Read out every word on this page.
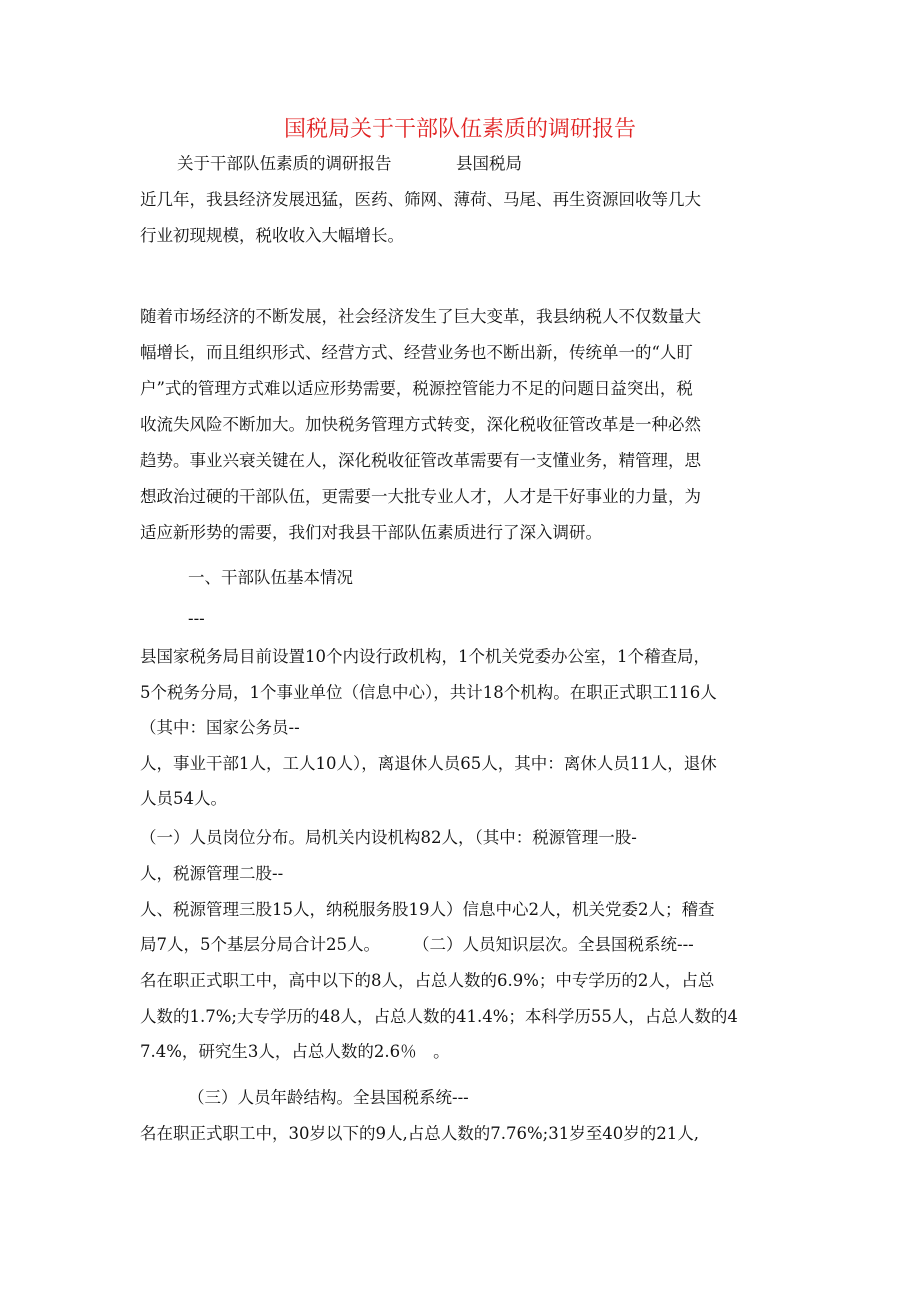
国税局关于干部队伍素质的调研报告
关于干部队伍素质的调研报告	县国税局
近几年，我县经济发展迅猛，医药、筛网、薄荷、马尾、再生资源回收等几大
行业初现规模，税收收入大幅增长。
随着市场经济的不断发展，社会经济发生了巨大变革，我县纳税人不仅数量大
幅增长，而且组织形式、经营方式、经营业务也不断出新，传统单一的“人盯
户”式的管理方式难以适应形势需要，税源控管能力不足的问题日益突出，税
收流失风险不断加大。加快税务管理方式转变，深化税收征管改革是一种必然
趋势。事业兴衰关键在人，深化税收征管改革需要有一支懂业务，精管理，思
想政治过硬的干部队伍，更需要一大批专业人才，人才是干好事业的力量，为
适应新形势的需要，我们对我县干部队伍素质进行了深入调研。
一、干部队伍基本情况
---
县国家税务局目前设置10个内设行政机构，1个机关党委办公室，1个稽查局，
5个税务分局，1个事业单位（信息中心），共计18个机构。在职正式职工116人
（其中：国家公务员--
人，事业干部1人，工人10人），离退休人员65人，其中：离休人员11人，退休
人员54人。
（一）人员岗位分布。局机关内设机构82人，（其中：税源管理一股-
人，税源管理二股--
人、税源管理三股15人，纳税服务股19人）信息中心2人，机关党委2人；稽查
局7人，5个基层分局合计25人。　　　（二）人员知识层次。全县国税系统---
名在职正式职工中，高中以下的8人，占总人数的6.9%；中专学历的2人，占总
人数的1.7%;大专学历的48人，占总人数的41.4%；本科学历55人，占总人数的4
7.4%，研究生3人，占总人数的2.6％　。
（三）人员年龄结构。全县国税系统---
名在职正式职工中，30岁以下的9人,占总人数的7.76%;31岁至40岁的21人,
